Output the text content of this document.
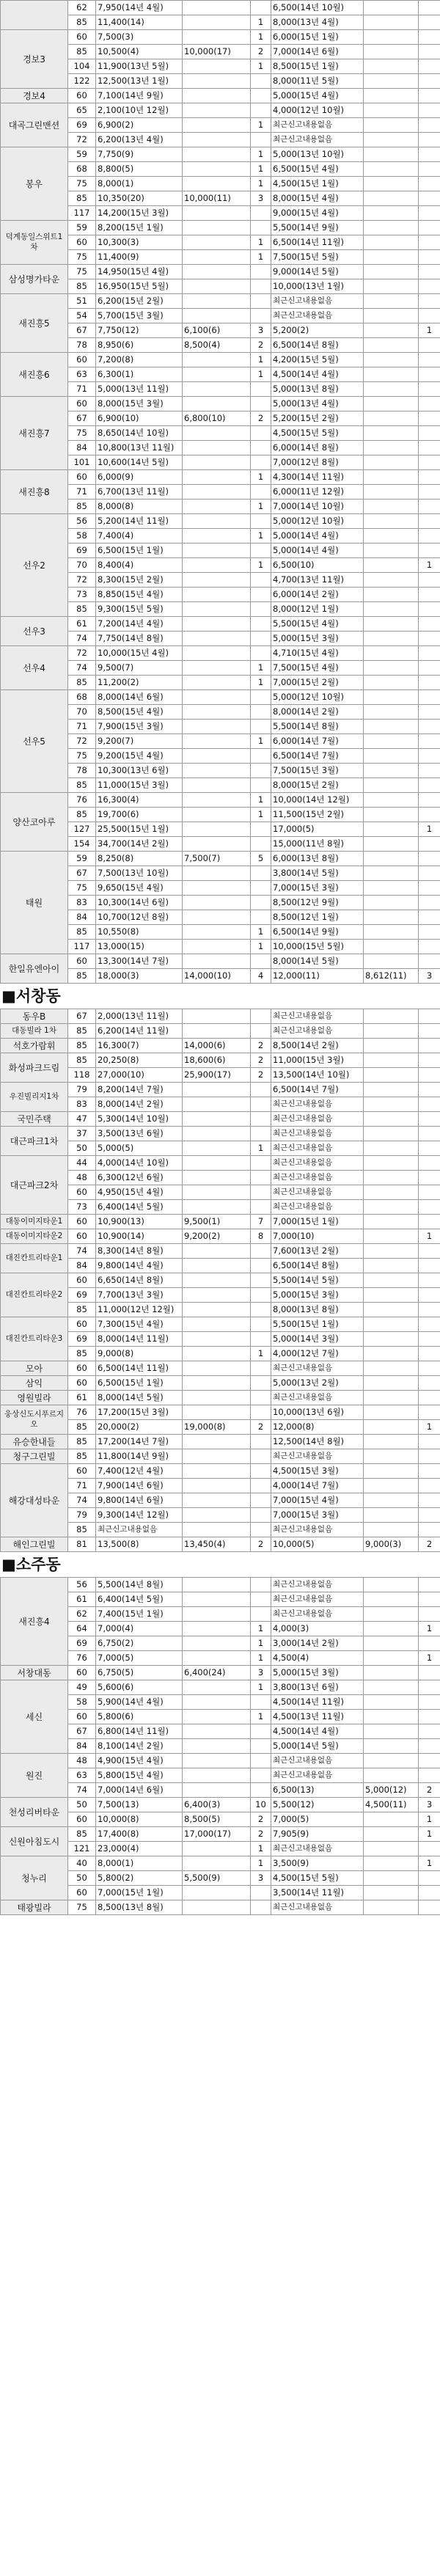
	62	7,950(14년 4월)			6,500(14년 10월)		
	85	11,400(14)		1	8,000(13년 4월)		
경보3	60	7,500(3)		1	6,000(15년 1월)		
	85	10,500(4)	10,000(17)	2	7,000(14년 6월)		
	104	11,900(13년 5월)		1	8,500(15년 1월)		
	122	12,500(13년 1월)			8,000(11년 5월)		
경보4	60	7,100(14년 9월)			5,000(15년 4월)		
대곡그린맨션	65	2,100(10년 12월)			4,000(12년 10월)		
	69	6,900(2)		1	최근신고내용없음		
	72	6,200(13년 4월)			최근신고내용없음		
봉우	59	7,750(9)		1	5,000(13년 10월)		
	68	8,800(5)		1	6,500(15년 4월)		
	75	8,000(1)		1	4,500(15년 1월)		
	85	10,350(20)	10,000(11)	3	8,000(15년 4월)		
	117	14,200(15년 3월)			9,000(15년 4월)		
덕계동일스위트1차	59	8,200(15년 1월)			5,500(14년 9월)		
	60	10,300(3)		1	6,500(14년 11월)		
	75	11,400(9)		1	7,500(15년 5월)		
삼성명가타운	75	14,950(15년 4월)			9,000(14년 5월)		
	85	16,950(15년 5월)			10,000(13년 1월)		
새진흥5	51	6,200(15년 2월)			최근신고내용없음		
	54	5,700(15년 3월)			최근신고내용없음		
	67	7,750(12)	6,100(6)	3	5,200(2)		1
	78	8,950(6)	8,500(4)	2	6,500(14년 8월)		
새진흥6	60	7,200(8)		1	4,200(15년 5월)		
	63	6,300(1)		1	4,500(14년 4월)		
	71	5,000(13년 11월)			5,000(13년 8월)		
새진흥7	60	8,000(15년 3월)			5,000(13년 4월)		
	67	6,900(10)	6,800(10)	2	5,200(15년 2월)		
	75	8,650(14년 10월)			4,500(15년 5월)		
	84	10,800(13년 11월)			6,000(14년 8월)		
	101	10,600(14년 5월)			7,000(12년 8월)		
새진흥8	60	6,000(9)		1	4,300(14년 11월)		
	71	6,700(13년 11월)			6,000(11년 12월)		
	85	8,000(8)		1	7,000(14년 10월)		
선우2	56	5,200(14년 11월)			5,000(12년 10월)		
	58	7,400(4)		1	5,000(14년 4월)		
	69	6,500(15년 1월)			5,000(14년 4월)		
	70	8,400(4)		1	6,500(10)		1
	72	8,300(15년 2월)			4,700(13년 11월)		
	73	8,850(15년 4월)			6,000(14년 2월)		
	85	9,300(15년 5월)			8,000(12년 1월)		
선우3	61	7,200(14년 4월)			5,500(15년 4월)		
	74	7,750(14년 8월)			5,000(15년 3월)		
선우4	72	10,000(15년 4월)			4,710(15년 4월)		
	74	9,500(7)		1	7,500(15년 4월)		
	85	11,200(2)		1	7,000(15년 2월)		
선우5	68	8,000(14년 6월)			5,000(12년 10월)		
	70	8,500(15년 4월)			8,000(14년 2월)		
	71	7,900(15년 3월)			5,500(14년 8월)		
	72	9,200(7)		1	6,000(14년 7월)		
	75	9,200(15년 4월)			6,500(14년 7월)		
	78	10,300(13년 6월)			7,500(15년 3월)		
	85	11,000(15년 3월)			8,000(15년 2월)		
양산코아루	76	16,300(4)		1	10,000(14년 12월)		
	85	19,700(6)		1	11,500(15년 2월)		
	127	25,500(15년 1월)			17,000(5)		1
	154	34,700(14년 2월)			15,000(11년 8월)		
태원	59	8,250(8)	7,500(7)	5	6,000(13년 8월)		
	67	7,500(13년 10월)			3,800(14년 5월)		
	75	9,650(15년 4월)			7,000(15년 3월)		
	83	10,300(14년 6월)			8,500(12년 9월)		
	84	10,700(12년 8월)			8,500(12년 1월)		
	85	10,550(8)		1	6,500(14년 9월)		
	117	13,000(15)		1	10,000(15년 5월)		
한일유엔아이	60	13,300(14년 7월)			8,000(14년 5월)		
	85	18,000(3)	14,000(10)	4	12,000(11)	8,612(11)	3
■서창동
동우B	67	2,000(13년 11월)			최근신고내용없음		
대동빌라 1차	85	6,200(14년 11월)			최근신고내용없음		
석호가람휘	85	16,300(7)	14,000(6)	2	8,500(14년 2월)		
화성파크드림	85	20,250(8)	18,600(6)	2	11,000(15년 3월)		
	118	27,000(10)	25,900(17)	2	13,500(14년 10월)		
우진빌리지1차	79	8,200(14년 7월)			6,500(14년 7월)		
	83	8,000(14년 2월)			최근신고내용없음		
국민주택	47	5,300(14년 10월)			최근신고내용없음		
대근파크1차	37	3,500(13년 6월)			최근신고내용없음		
	50	5,000(5)		1	최근신고내용없음		
대근파크2차	44	4,000(14년 10월)			최근신고내용없음		
	48	6,300(12년 6월)			최근신고내용없음		
	60	4,950(15년 4월)			최근신고내용없음		
	73	6,400(14년 5월)			최근신고내용없음		
대동이미지타운1	60	10,900(13)	9,500(1)	7	7,000(15년 1월)		
대동이미지타운2	60	10,900(14)	9,200(2)	8	7,000(10)		1
대진칸트리타운1	74	8,300(14년 8월)			7,600(13년 2월)		
	84	9,800(14년 4월)			6,500(14년 8월)		
대진칸트리타운2	60	6,650(14년 8월)			5,500(14년 5월)		
	69	7,700(13년 3월)			5,000(15년 3월)		
	85	11,000(12년 12월)			8,000(13년 8월)		
대진칸트리타운3	60	7,300(15년 4월)			5,500(15년 1월)		
	69	8,000(14년 11월)			5,000(14년 3월)		
	85	9,000(8)		1	4,000(12년 7월)		
모아	60	6,500(14년 11월)			최근신고내용없음		
삼익	60	6,500(15년 1월)			5,000(13년 2월)		
영원빌라	61	8,000(14년 5월)			최근신고내용없음		
웅상신도시푸르지오	76	17,200(15년 3월)			10,000(13년 6월)		
	85	20,000(2)	19,000(8)	2	12,000(8)		1
유승한내들	85	17,200(14년 7월)			12,500(14년 8월)		
청구그린빌	85	11,800(14년 9월)			최근신고내용없음		
해강대성타운	60	7,400(12년 4월)			4,500(15년 3월)		
	71	7,900(14년 6월)			4,000(14년 7월)		
	74	9,800(14년 6월)			7,000(15년 4월)		
	79	9,300(14년 12월)			7,000(15년 3월)		
	85	최근신고내용없음			최근신고내용없음		
해인그린빌	81	13,500(8)	13,450(4)	2	10,000(5)	9,000(3)	2
■소주동
새진흥4	56	5,500(14년 8월)			최근신고내용없음		
	61	6,400(14년 5월)			최근신고내용없음		
	62	7,400(15년 1월)			최근신고내용없음		
	64	7,000(4)		1	4,000(3)		1
	69	6,750(2)		1	3,000(14년 2월)		
	76	7,000(5)		1	4,500(4)		1
서창대동	60	6,750(5)	6,400(24)	3	5,000(15년 3월)		
세신	49	5,600(6)		1	3,800(13년 6월)		
	58	5,900(14년 4월)			4,500(14년 11월)		
	60	5,800(6)		1	4,500(13년 11월)		
	67	6,800(14년 11월)			4,500(14년 4월)		
	84	8,100(14년 2월)			5,000(14년 5월)		
원진	48	4,900(15년 4월)			최근신고내용없음		
	63	5,800(15년 4월)			최근신고내용없음		
	74	7,000(14년 6월)			6,500(13)	5,000(12)	2
천성리버타운	50	7,500(13)	6,400(3)	10	5,500(12)	4,500(11)	3
	60	10,000(8)	8,500(5)	2	7,000(5)		1
신원아침도시	85	17,400(8)	17,000(17)	2	7,905(9)		1
	121	23,000(4)		1	최근신고내용없음		
청누리	40	8,000(1)		1	3,500(9)		1
	50	5,800(2)	5,500(9)	3	4,500(15년 5월)		
	60	7,000(15년 1월)			3,500(14년 11월)		
태광빌라	75	8,500(13년 8월)			최근신고내용없음		
